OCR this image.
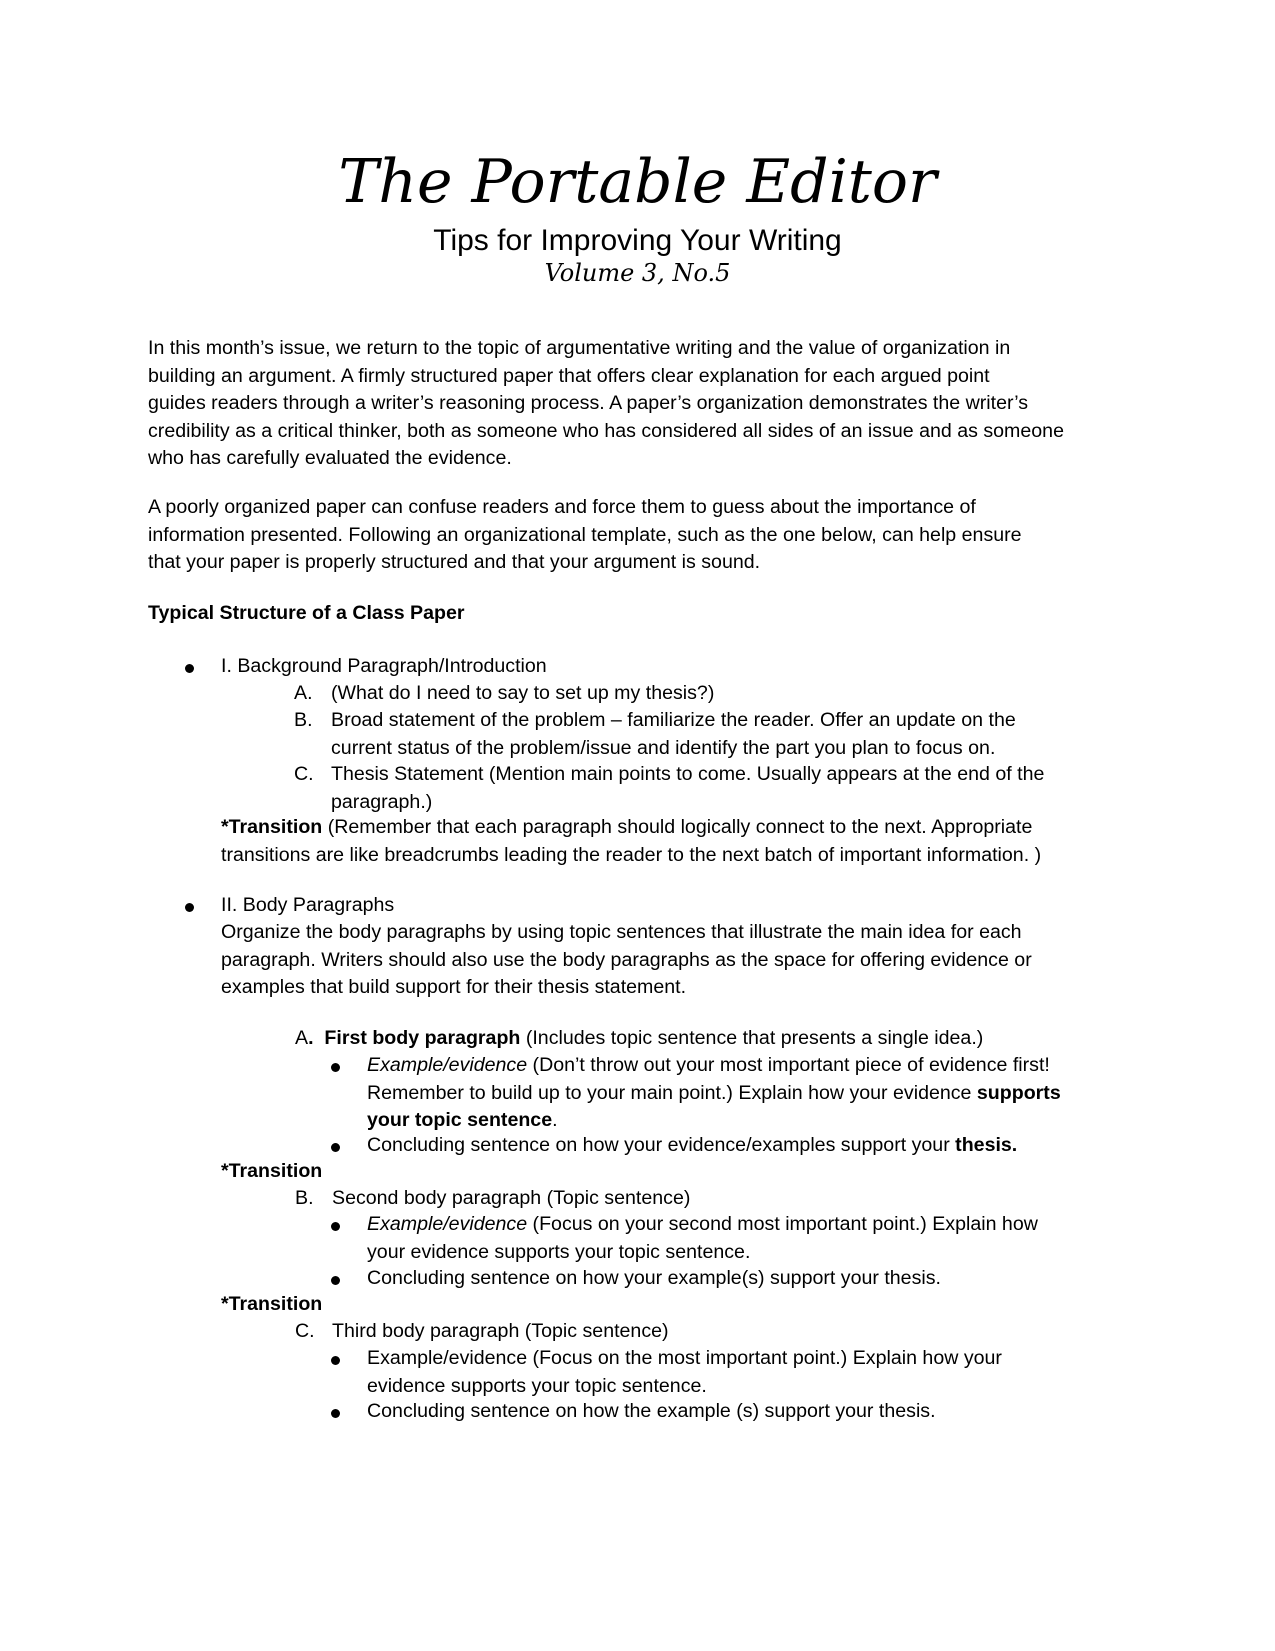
The Portable Editor
Tips for Improving Your Writing
Volume 3, No.5
In this month’s issue, we return to the topic of argumentative writing and the value of organization in
building an argument. A firmly structured paper that offers clear explanation for each argued point
guides readers through a writer’s reasoning process. A paper’s organization demonstrates the writer’s
credibility as a critical thinker, both as someone who has considered all sides of an issue and as someone
who has carefully evaluated the evidence.
A poorly organized paper can confuse readers and force them to guess about the importance of
information presented. Following an organizational template, such as the one below, can help ensure
that your paper is properly structured and that your argument is sound.
Typical Structure of a Class Paper
I. Background Paragraph/Introduction
A. (What do I need to say to set up my thesis?)
B. Broad statement of the problem – familiarize the reader. Offer an update on the
current status of the problem/issue and identify the part you plan to focus on.
C. Thesis Statement (Mention main points to come. Usually appears at the end of the
paragraph.)
*Transition (Remember that each paragraph should logically connect to the next. Appropriate
transitions are like breadcrumbs leading the reader to the next batch of important information. )
II. Body Paragraphs
Organize the body paragraphs by using topic sentences that illustrate the main idea for each
paragraph. Writers should also use the body paragraphs as the space for offering evidence or
examples that build support for their thesis statement.
A. First body paragraph (Includes topic sentence that presents a single idea.)
Example/evidence (Don’t throw out your most important piece of evidence first!
Remember to build up to your main point.) Explain how your evidence supports
your topic sentence.
Concluding sentence on how your evidence/examples support your thesis.
*Transition
B. Second body paragraph (Topic sentence)
Example/evidence (Focus on your second most important point.) Explain how
your evidence supports your topic sentence.
Concluding sentence on how your example(s) support your thesis.
*Transition
C. Third body paragraph (Topic sentence)
Example/evidence (Focus on the most important point.) Explain how your
evidence supports your topic sentence.
Concluding sentence on how the example (s) support your thesis.
